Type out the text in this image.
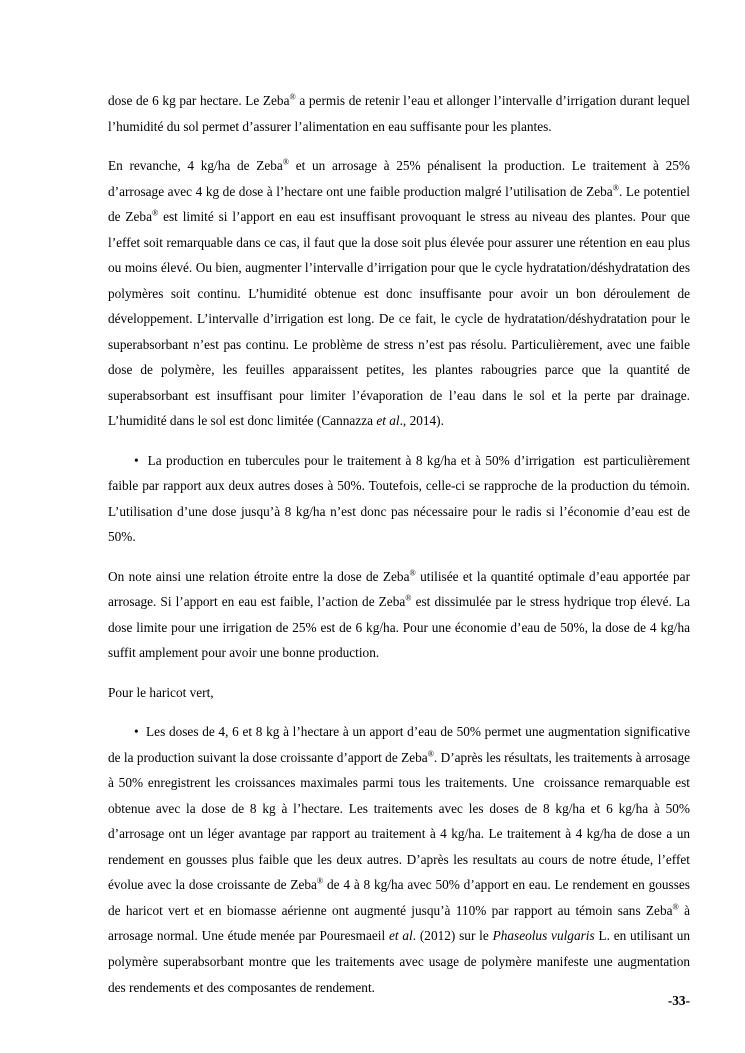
dose de 6 kg par hectare. Le Zeba® a permis de retenir l’eau et allonger l’intervalle d’irrigation durant lequel l’humidité du sol permet d’assurer l’alimentation en eau suffisante pour les plantes.

En revanche, 4 kg/ha de Zeba® et un arrosage à 25% pénalisent la production. Le traitement à 25% d’arrosage avec 4 kg de dose à l’hectare ont une faible production malgré l’utilisation de Zeba®. Le potentiel de Zeba® est limité si l’apport en eau est insuffisant provoquant le stress au niveau des plantes. Pour que l’effet soit remarquable dans ce cas, il faut que la dose soit plus élevée pour assurer une rétention en eau plus ou moins élevé. Ou bien, augmenter l’intervalle d’irrigation pour que le cycle hydratation/déshydratation des polymères soit continu. L’humidité obtenue est donc insuffisante pour avoir un bon déroulement de développement. L’intervalle d’irrigation est long. De ce fait, le cycle de hydratation/déshydratation pour le superabsorbant n’est pas continu. Le problème de stress n’est pas résolu. Particulièrement, avec une faible dose de polymère, les feuilles apparaissent petites, les plantes rabougries parce que la quantité de superabsorbant est insuffisant pour limiter l’évaporation de l’eau dans le sol et la perte par drainage. L’humidité dans le sol est donc limitée (Cannazza et al., 2014).

•  La production en tubercules pour le traitement à 8 kg/ha et à 50% d’irrigation  est particulièrement faible par rapport aux deux autres doses à 50%. Toutefois, celle-ci se rapproche de la production du témoin. L’utilisation d’une dose jusqu’à 8 kg/ha n’est donc pas nécessaire pour le radis si l’économie d’eau est de 50%.

On note ainsi une relation étroite entre la dose de Zeba® utilisée et la quantité optimale d’eau apportée par arrosage. Si l’apport en eau est faible, l’action de Zeba® est dissimulée par le stress hydrique trop élevé. La dose limite pour une irrigation de 25% est de 6 kg/ha. Pour une économie d’eau de 50%, la dose de 4 kg/ha suffit amplement pour avoir une bonne production.

Pour le haricot vert,

•  Les doses de 4, 6 et 8 kg à l’hectare à un apport d’eau de 50% permet une augmentation significative de la production suivant la dose croissante d’apport de Zeba®. D’après les résultats, les traitements à arrosage à 50% enregistrent les croissances maximales parmi tous les traitements. Une  croissance remarquable est obtenue avec la dose de 8 kg à l’hectare. Les traitements avec les doses de 8 kg/ha et 6 kg/ha à 50% d’arrosage ont un léger avantage par rapport au traitement à 4 kg/ha. Le traitement à 4 kg/ha de dose a un rendement en gousses plus faible que les deux autres. D’après les resultats au cours de notre étude, l’effet évolue avec la dose croissante de Zeba® de 4 à 8 kg/ha avec 50% d’apport en eau. Le rendement en gousses de haricot vert et en biomasse aérienne ont augmenté jusqu’à 110% par rapport au témoin sans Zeba® à arrosage normal. Une étude menée par Pouresmaeil et al. (2012) sur le Phaseolus vulgaris L. en utilisant un polymère superabsorbant montre que les traitements avec usage de polymère manifeste une augmentation des rendements et des composantes de rendement.

-33-
